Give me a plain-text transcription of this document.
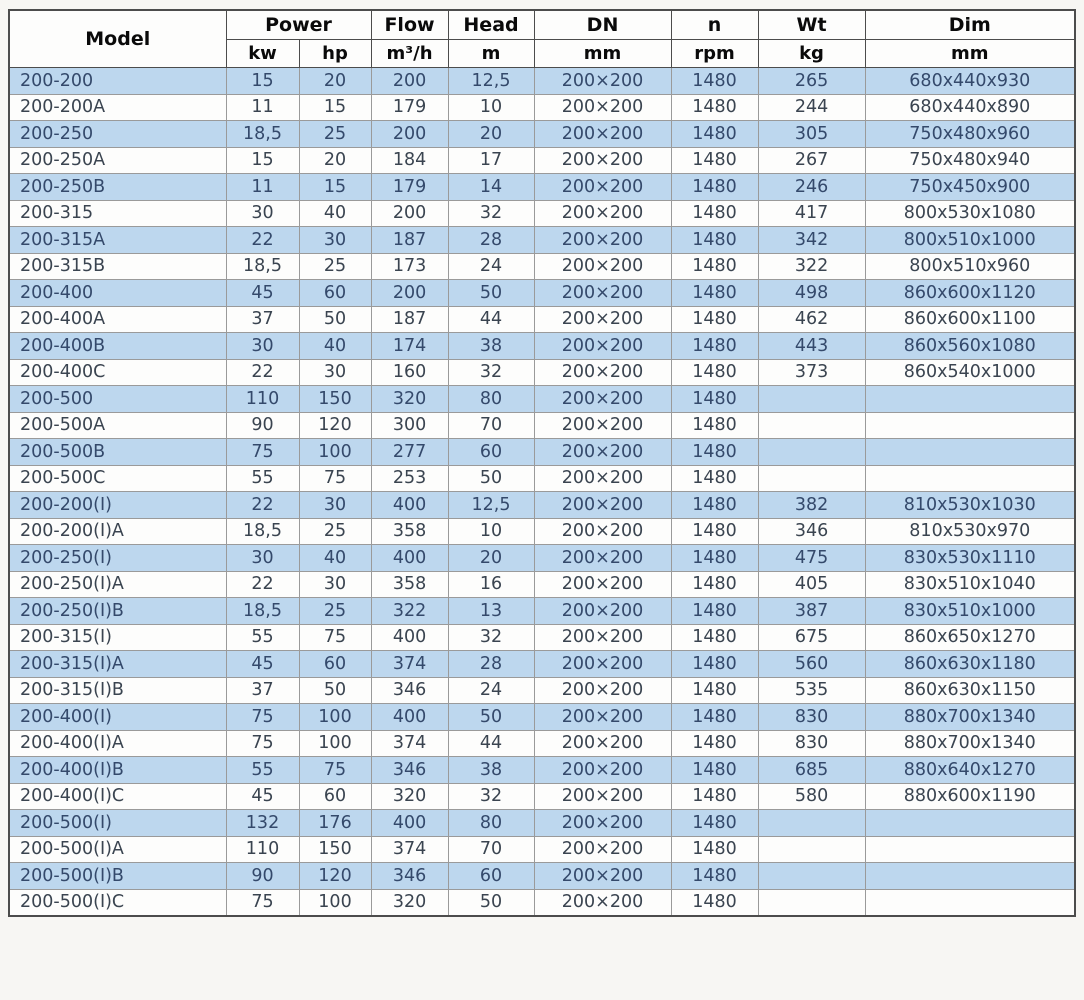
Model	Power		Flow	Head	DN	n	Wt	Dim
	kw	hp	m³/h	m	mm	rpm	kg	mm
200-200	15	20	200	12,5	200×200	1480	265	680x440x930
200-200A	11	15	179	10	200×200	1480	244	680x440x890
200-250	18,5	25	200	20	200×200	1480	305	750x480x960
200-250A	15	20	184	17	200×200	1480	267	750x480x940
200-250B	11	15	179	14	200×200	1480	246	750x450x900
200-315	30	40	200	32	200×200	1480	417	800x530x1080
200-315A	22	30	187	28	200×200	1480	342	800x510x1000
200-315B	18,5	25	173	24	200×200	1480	322	800x510x960
200-400	45	60	200	50	200×200	1480	498	860x600x1120
200-400A	37	50	187	44	200×200	1480	462	860x600x1100
200-400B	30	40	174	38	200×200	1480	443	860x560x1080
200-400C	22	30	160	32	200×200	1480	373	860x540x1000
200-500	110	150	320	80	200×200	1480		
200-500A	90	120	300	70	200×200	1480		
200-500B	75	100	277	60	200×200	1480		
200-500C	55	75	253	50	200×200	1480		
200-200(I)	22	30	400	12,5	200×200	1480	382	810x530x1030
200-200(I)A	18,5	25	358	10	200×200	1480	346	810x530x970
200-250(I)	30	40	400	20	200×200	1480	475	830x530x1110
200-250(I)A	22	30	358	16	200×200	1480	405	830x510x1040
200-250(I)B	18,5	25	322	13	200×200	1480	387	830x510x1000
200-315(I)	55	75	400	32	200×200	1480	675	860x650x1270
200-315(I)A	45	60	374	28	200×200	1480	560	860x630x1180
200-315(I)B	37	50	346	24	200×200	1480	535	860x630x1150
200-400(I)	75	100	400	50	200×200	1480	830	880x700x1340
200-400(I)A	75	100	374	44	200×200	1480	830	880x700x1340
200-400(I)B	55	75	346	38	200×200	1480	685	880x640x1270
200-400(I)C	45	60	320	32	200×200	1480	580	880x600x1190
200-500(I)	132	176	400	80	200×200	1480		
200-500(I)A	110	150	374	70	200×200	1480		
200-500(I)B	90	120	346	60	200×200	1480		
200-500(I)C	75	100	320	50	200×200	1480		
